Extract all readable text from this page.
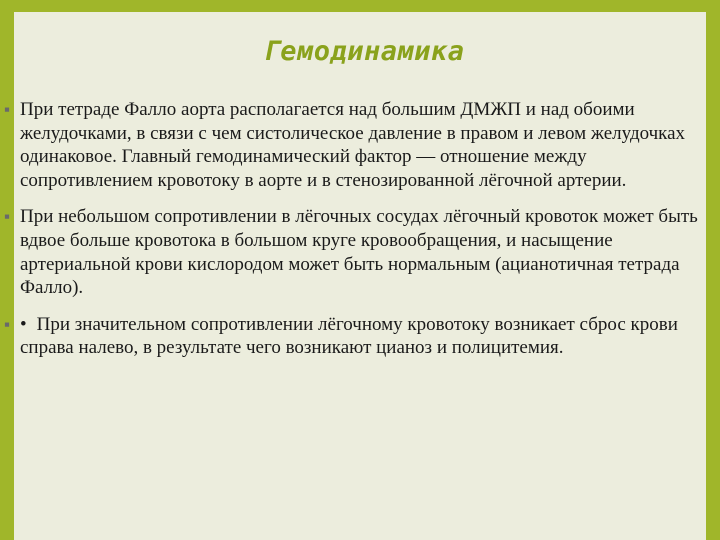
Гемодинамика
▪ При тетраде Фалло аорта располагается над большим ДМЖП и над обоими желудочками, в связи с чем систолическое давление в правом и левом желудочках одинаковое. Главный гемодинамический фактор — отношение между сопротивлением кровотоку в аорте и в стенозированной лёгочной артерии.
▪ При небольшом сопротивлении в лёгочных сосудах лёгочный кровоток может быть вдвое больше кровотока в большом круге кровообращения, и насыщение артериальной крови кислородом может быть нормальным (ацианотичная тетрада Фалло).
▪ • При значительном сопротивлении лёгочному кровотоку возникает сброс крови справа налево, в результате чего возникают цианоз и полицитемия.
